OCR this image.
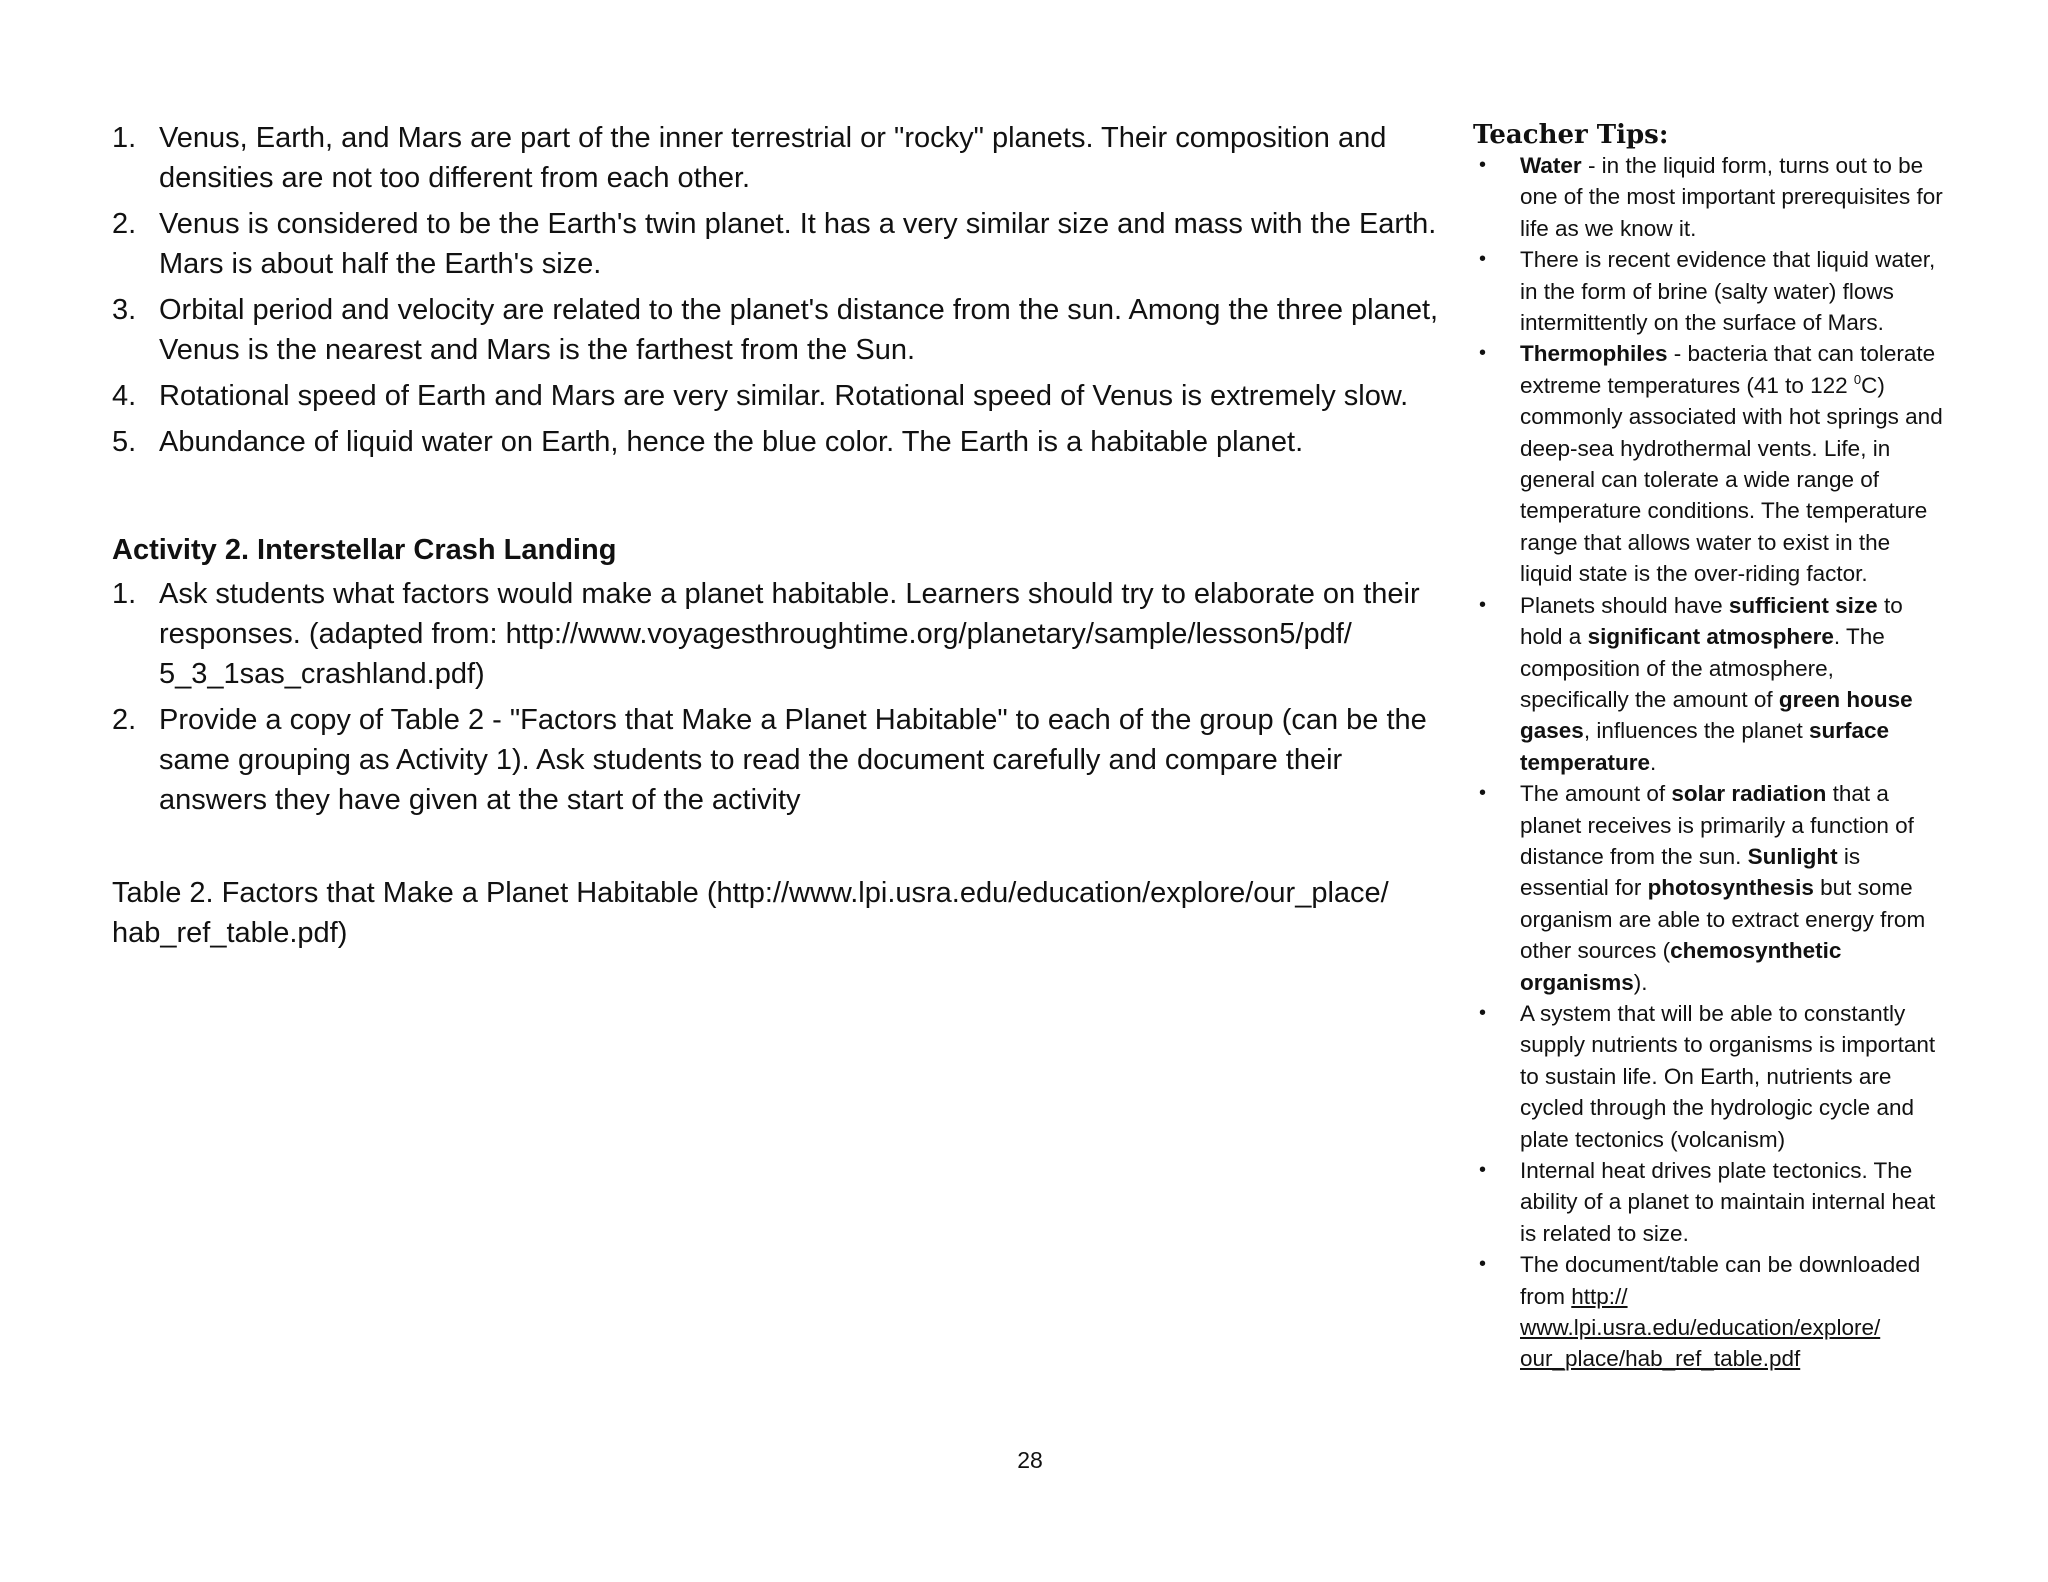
1. Venus, Earth, and Mars are part of the inner terrestrial or "rocky" planets. Their composition and densities are not too different from each other.
2. Venus is considered to be the Earth's twin planet. It has a very similar size and mass with the Earth. Mars is about half the Earth's size.
3. Orbital period and velocity are related to the planet's distance from the sun. Among the three planet, Venus is the nearest and Mars is the farthest from the Sun.
4. Rotational speed of Earth and Mars are very similar. Rotational speed of Venus is extremely slow.
5. Abundance of liquid water on Earth, hence the blue color. The Earth is a habitable planet.
Activity 2. Interstellar Crash Landing
1. Ask students what factors would make a planet habitable. Learners should try to elaborate on their responses. (adapted from: http://www.voyagesthroughtime.org/planetary/sample/lesson5/pdf/ 5_3_1sas_crashland.pdf)
2. Provide a copy of Table 2 - "Factors that Make a Planet Habitable" to each of the group (can be the same grouping as Activity 1). Ask students to read the document carefully and compare their answers they have given at the start of the activity
Table 2. Factors that Make a Planet Habitable (http://www.lpi.usra.edu/education/explore/our_place/ hab_ref_table.pdf)
Teacher Tips:
• Water - in the liquid form, turns out to be one of the most important prerequisites for life as we know it.
• There is recent evidence that liquid water, in the form of brine (salty water) flows intermittently on the surface of Mars.
• Thermophiles - bacteria that can tolerate extreme temperatures (41 to 122 $^0$C) commonly associated with hot springs and deep-sea hydrothermal vents. Life, in general can tolerate a wide range of temperature conditions. The temperature range that allows water to exist in the liquid state is the over-riding factor.
• Planets should have sufficient size to hold a significant atmosphere. The composition of the atmosphere, specifically the amount of green house gases, influences the planet surface temperature.
• The amount of solar radiation that a planet receives is primarily a function of distance from the sun. Sunlight is essential for photosynthesis but some organism are able to extract energy from other sources (chemosynthetic organisms).
• A system that will be able to constantly supply nutrients to organisms is important to sustain life. On Earth, nutrients are cycled through the hydrologic cycle and plate tectonics (volcanism)
• Internal heat drives plate tectonics. The ability of a planet to maintain internal heat is related to size.
• The document/table can be downloaded from http:// www.lpi.usra.edu/education/explore/ our_place/hab_ref_table.pdf
28
